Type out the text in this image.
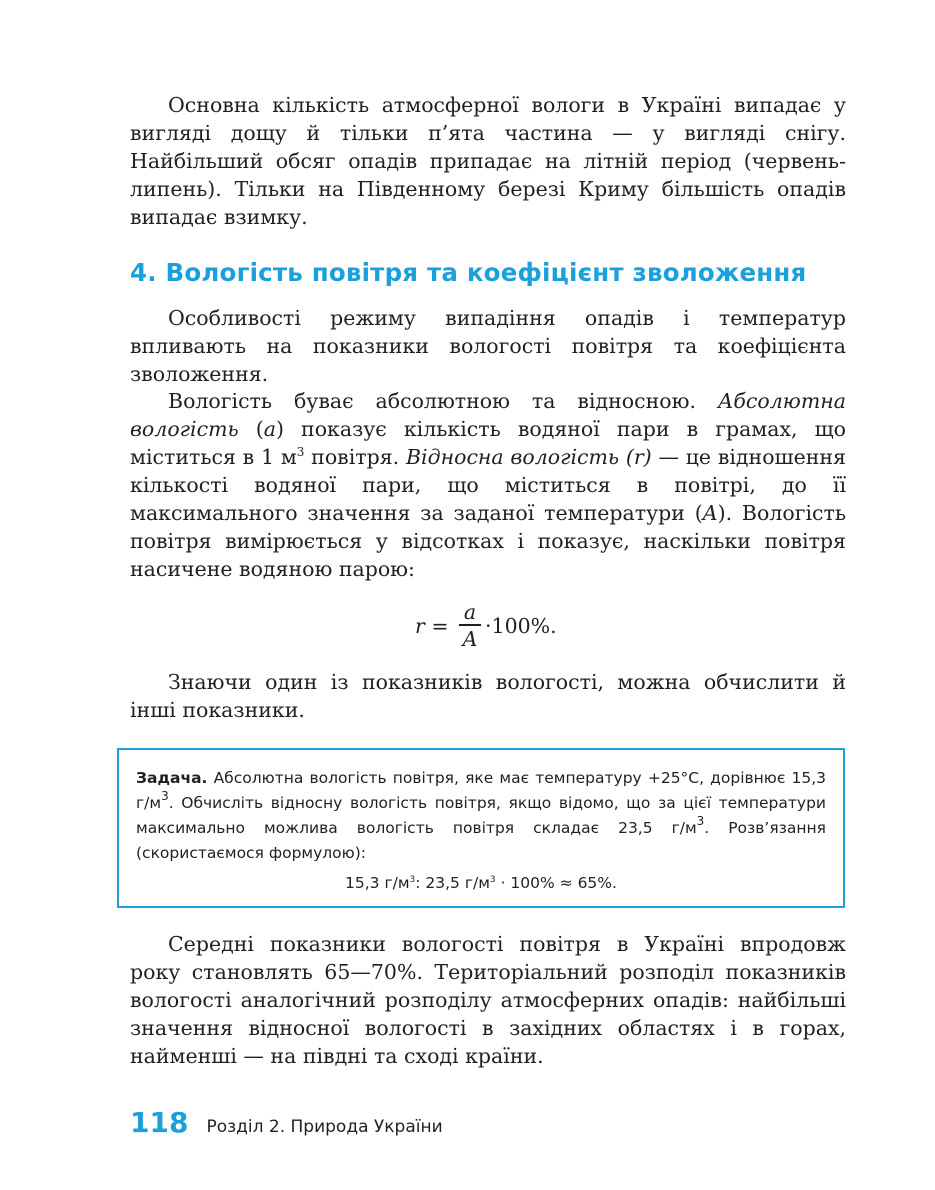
Основна кількість атмосферної вологи в Україні випадає у вигляді дощу й тільки п’ята частина — у вигляді снігу. Найбільший обсяг опадів припадає на літній період (червень-липень). Тільки на Південному березі Криму більшість опадів випадає взимку.

4. Вологість повітря та коефіцієнт зволоження

Особливості режиму випадіння опадів і температур впливають на показники вологості повітря та коефіцієнта зволоження.

Вологість буває абсолютною та відносною. Абсолютна вологість (а) показує кількість водяної пари в грамах, що міститься в 1 $м^3$ повітря. Відносна вологість (r) — це відношення кількості водяної пари, що міститься в повітрі, до її максимального значення за заданої температури (A). Вологість повітря вимірюється у відсотках і показує, наскільки повітря насичене водяною парою:

$r = \frac{a}{A} \cdot 100\%$.

Знаючи один із показників вологості, можна обчислити й інші показники.

Задача. Абсолютна вологість повітря, яке має температуру +25°С, дорівнює 15,3 $г/м^3$. Обчисліть відносну вологість повітря, якщо відомо, що за цієї температури максимально можлива вологість повітря складає 23,5 $г/м^3$. Розв’язання (скористаємося формулою):

15,3 $г/м^3$: 23,5 $г/м^3 \cdot 100\% \approx 65\%$.

Середні показники вологості повітря в Україні впродовж року становлять 65—70%. Територіальний розподіл показників вологості аналогічний розподілу атмосферних опадів: найбільші значення відносної вологості в західних областях і в горах, найменші — на півдні та сході країни.

118 Розділ 2. Природа України
